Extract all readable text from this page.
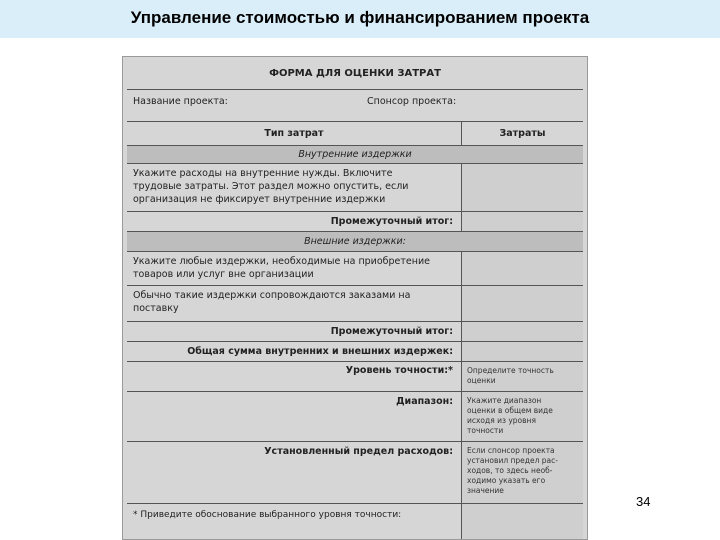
Управление стоимостью и финансированием проекта
ФОРМА ДЛЯ ОЦЕНКИ ЗАТРАТ
Название проекта:	Спонсор проекта:
Тип затрат	Затраты
Внутренние издержки
Укажите расходы на внутренние нужды. Включите
трудовые затраты. Этот раздел можно опустить, если
организация не фиксирует внутренние издержки
Промежуточный итог:
Внешние издержки:
Укажите любые издержки, необходимые на приобретение
товаров или услуг вне организации
Обычно такие издержки сопровождаются заказами на
поставку
Промежуточный итог:
Общая сумма внутренних и внешних издержек:
Уровень точности:* Определите точность
оценки
Диапазон: Укажите диапазон
оценки в общем виде
исходя из уровня
точности
Установленный предел расходов: Если спонсор проекта
установил предел рас-
ходов, то здесь необ-
ходимо указать его
значение
* Приведите обоснование выбранного уровня точности:
34
